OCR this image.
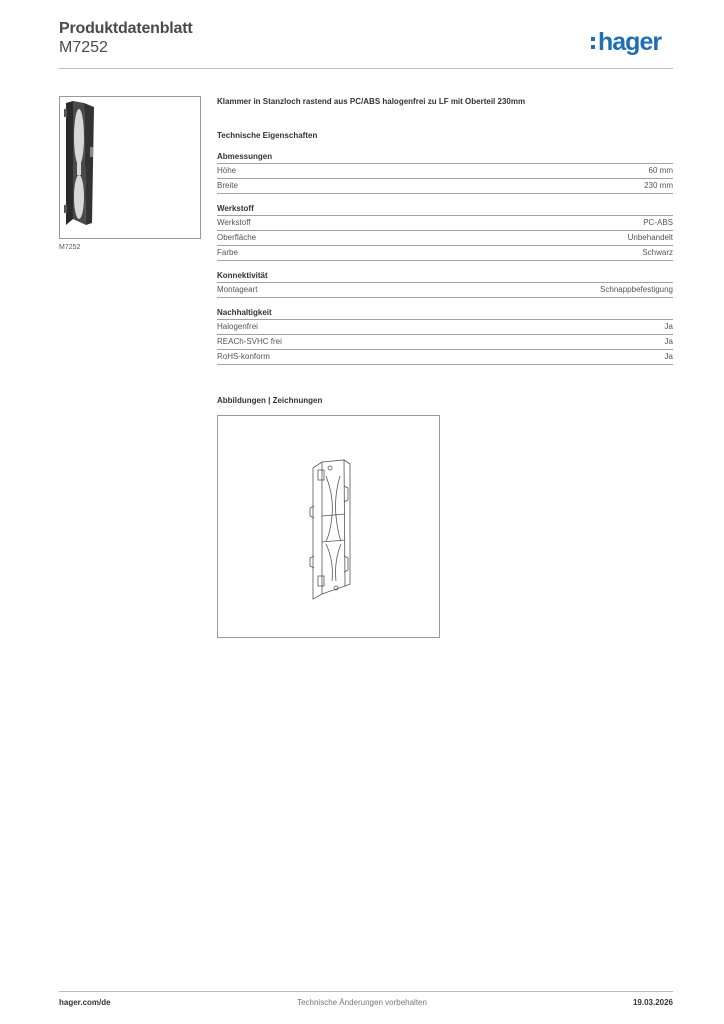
Produktdatenblatt
M7252	hager
M7252

Klammer in Stanzloch rastend aus PC/ABS halogenfrei zu LF mit Oberteil 230mm

Technische Eigenschaften
Abmessungen
Höhe	60 mm
Breite	230 mm
Werkstoff
Werkstoff	PC-ABS
Oberfläche	Unbehandelt
Farbe	Schwarz
Konnektivität
Montageart	Schnappbefestigung
Nachhaltigkeit
Halogenfrei	Ja
REACh-SVHC frei	Ja
RoHS-konform	Ja
Abbildungen | Zeichnungen
hager.com/de	Technische Änderungen vorbehalten	19.03.2026
